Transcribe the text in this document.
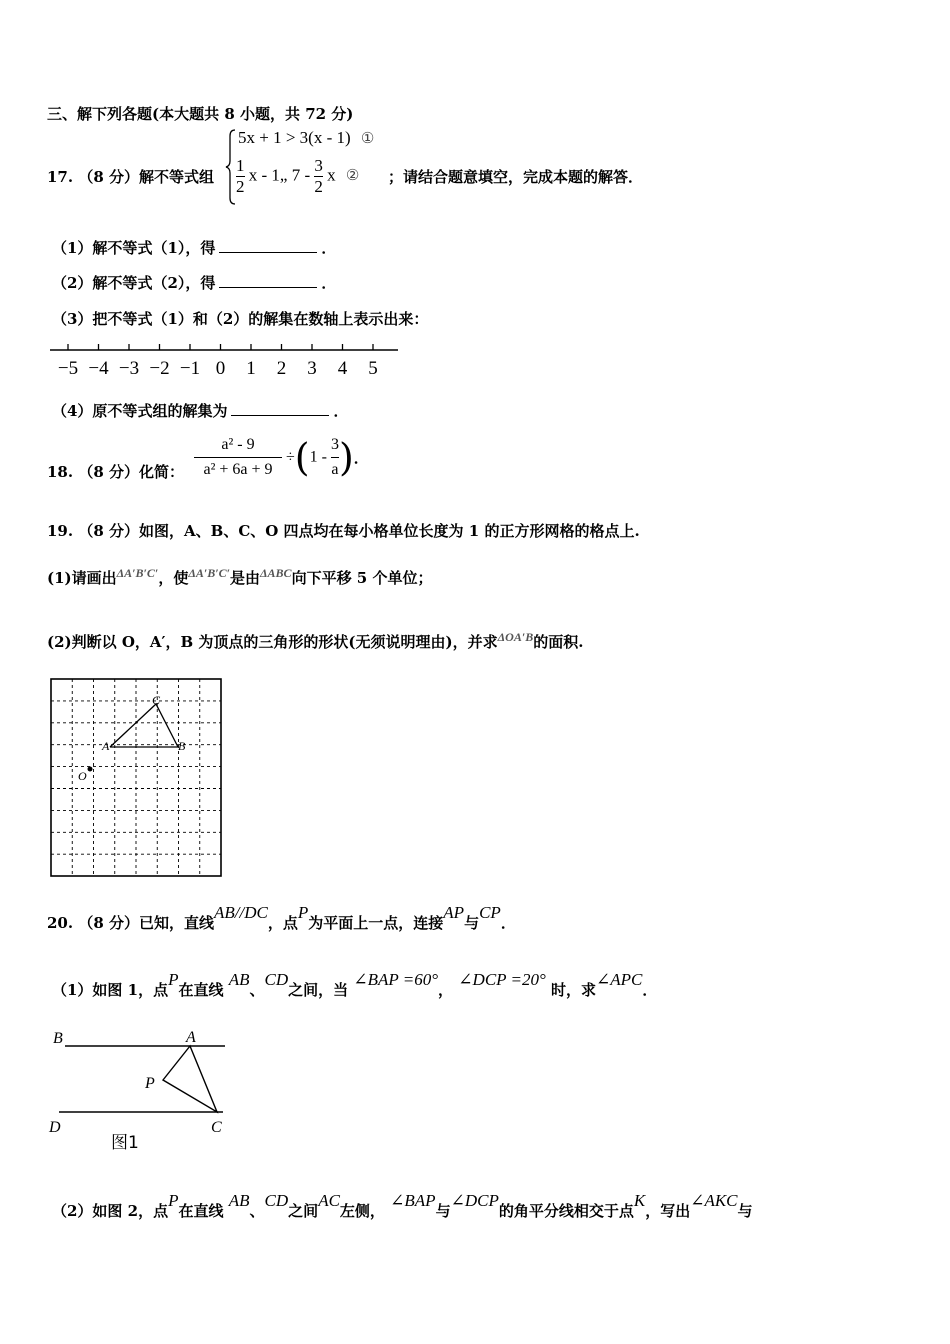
三、解下列各题(本大题共 8 小题，共 72 分)
17. （8 分）解不等式组
5x + 1 > 3(x - 1) ①
$\frac{1}{2}$ x - 1„ $7 - \frac{3}{2}$ x ② ；请结合题意填空，完成本题的解答．
（1）解不等式（1），得	．
（2）解不等式（2），得	．
（3）把不等式（1）和（2）的解集在数轴上表示出来：
−5 −4 −3 −2 −1 0 1 2 3 4 5
（4）原不等式组的解集为	．
18. （8 分）化简： $\frac{\text{a² - 9}}{\text{a² + 6a + 9}} \div(1 - \frac{3}{a}$ )．
19. （8 分）如图，A、B、C、O 四点均在每小格单位长度为 1 的正方形网格的格点上.
(1)请画出$^{\Delta A'B'C'}$，使$^{\Delta A'B'C'}$是由$^{\Delta ABC}$向下平移 5 个单位；
(2)判断以 O，A′，B 为顶点的三角形的形状(无须说明理由)，并求$^{\Delta OA'B}$的面积.
A	B
C
O
20. （8 分）已知，直线AB//DC，点P为平面上一点，连接AP与CP．
（1）如图 1，点P在直线 AB、CD之间，当 ∠BAP =60°， ∠DCP =20° 时，求∠APC．
B	A
P
D	C
图1
（2）如图 2，点P在直线 AB、CD之间AC左侧， ∠BAP与∠DCP的角平分线相交于点K，写出∠AKC与
